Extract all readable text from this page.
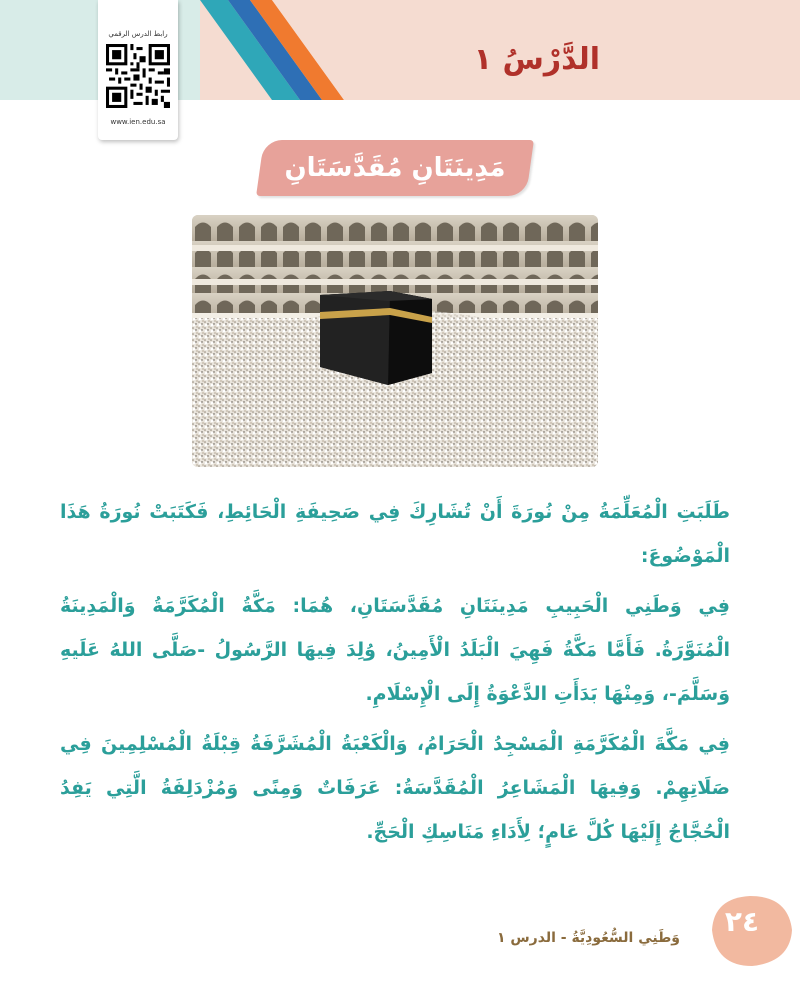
الدَّرْسُ ١
رابط الدرس الرقمي
www.ien.edu.sa
مَدِينَتَانِ مُقَدَّسَتَانِ

طَلَبَتِ الْمُعَلِّمَةُ مِنْ نُورَةَ أَنْ تُشَارِكَ فِي صَحِيفَةِ الْحَائِطِ، فَكَتَبَتْ نُورَةُ هَذَا الْمَوْضُوعَ:

فِي وَطَنِي الْحَبِيبِ مَدِينَتَانِ مُقَدَّسَتَانِ، هُمَا: مَكَّةُ الْمُكَرَّمَةُ وَالْمَدِينَةُ الْمُنَوَّرَةُ. فَأَمَّا مَكَّةُ فَهِيَ الْبَلَدُ الْأَمِينُ، وُلِدَ فِيهَا الرَّسُولُ -صَلَّى اللهُ عَلَيهِ وَسَلَّمَ-، وَمِنْهَا بَدَأَتِ الدَّعْوَةُ إِلَى الْإِسْلَامِ.

فِي مَكَّةَ الْمُكَرَّمَةِ الْمَسْجِدُ الْحَرَامُ، وَالْكَعْبَةُ الْمُشَرَّفَةُ قِبْلَةُ الْمُسْلِمِينَ فِي صَلَاتِهِمْ. وَفِيهَا الْمَشَاعِرُ الْمُقَدَّسَةُ: عَرَفَاتٌ وَمِنًى وَمُزْدَلِفَةُ الَّتِي يَفِدُ الْحُجَّاجُ إِلَيْهَا كُلَّ عَامٍ؛ لِأَدَاءِ مَنَاسِكِ الْحَجِّ.

وَطَنِي السُّعُودِيَّةُ - الدرس ١	٢٤
